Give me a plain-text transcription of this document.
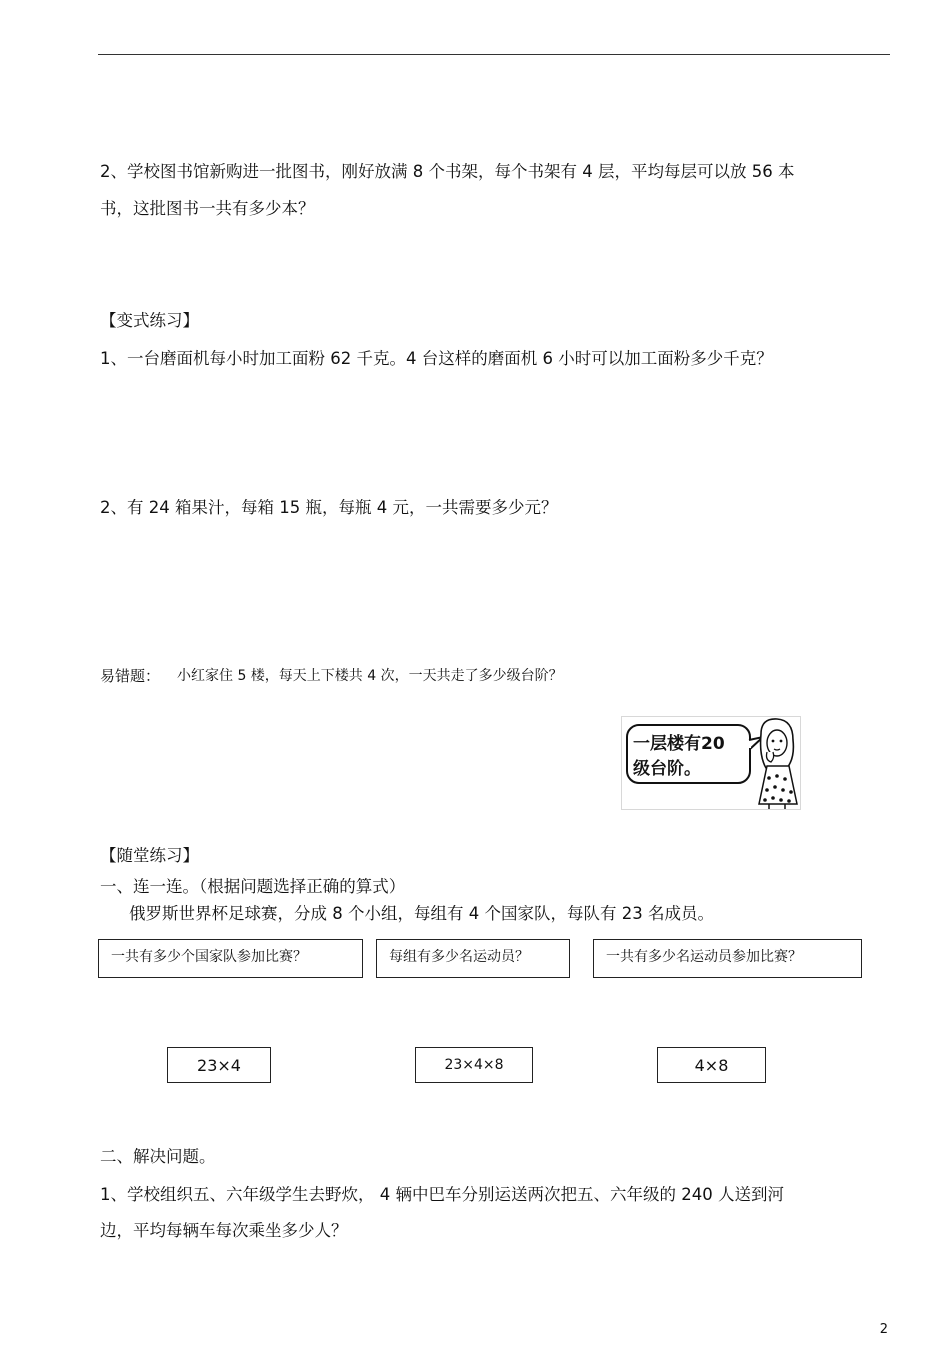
2、学校图书馆新购进一批图书，刚好放满 8 个书架，每个书架有 4 层，平均每层可以放 56 本
书，这批图书一共有多少本？
【变式练习】
1、一台磨面机每小时加工面粉 62 千克。4 台这样的磨面机 6 小时可以加工面粉多少千克？
2、有 24 箱果汁，每箱 15 瓶，每瓶 4 元，一共需要多少元？
易错题： 小红家住 5 楼，每天上下楼共 4 次，一天共走了多少级台阶？
一层楼有20
级台阶。
【随堂练习】
一、连一连。（根据问题选择正确的算式）
俄罗斯世界杯足球赛，分成 8 个小组，每组有 4 个国家队，每队有 23 名成员。
一共有多少个国家队参加比赛？	每组有多少名运动员？	一共有多少名运动员参加比赛？
23×4	23×4×8	4×8
二、解决问题。
1、学校组织五、六年级学生去野炊， 4 辆中巴车分别运送两次把五、六年级的 240 人送到河
边，平均每辆车每次乘坐多少人？
2
